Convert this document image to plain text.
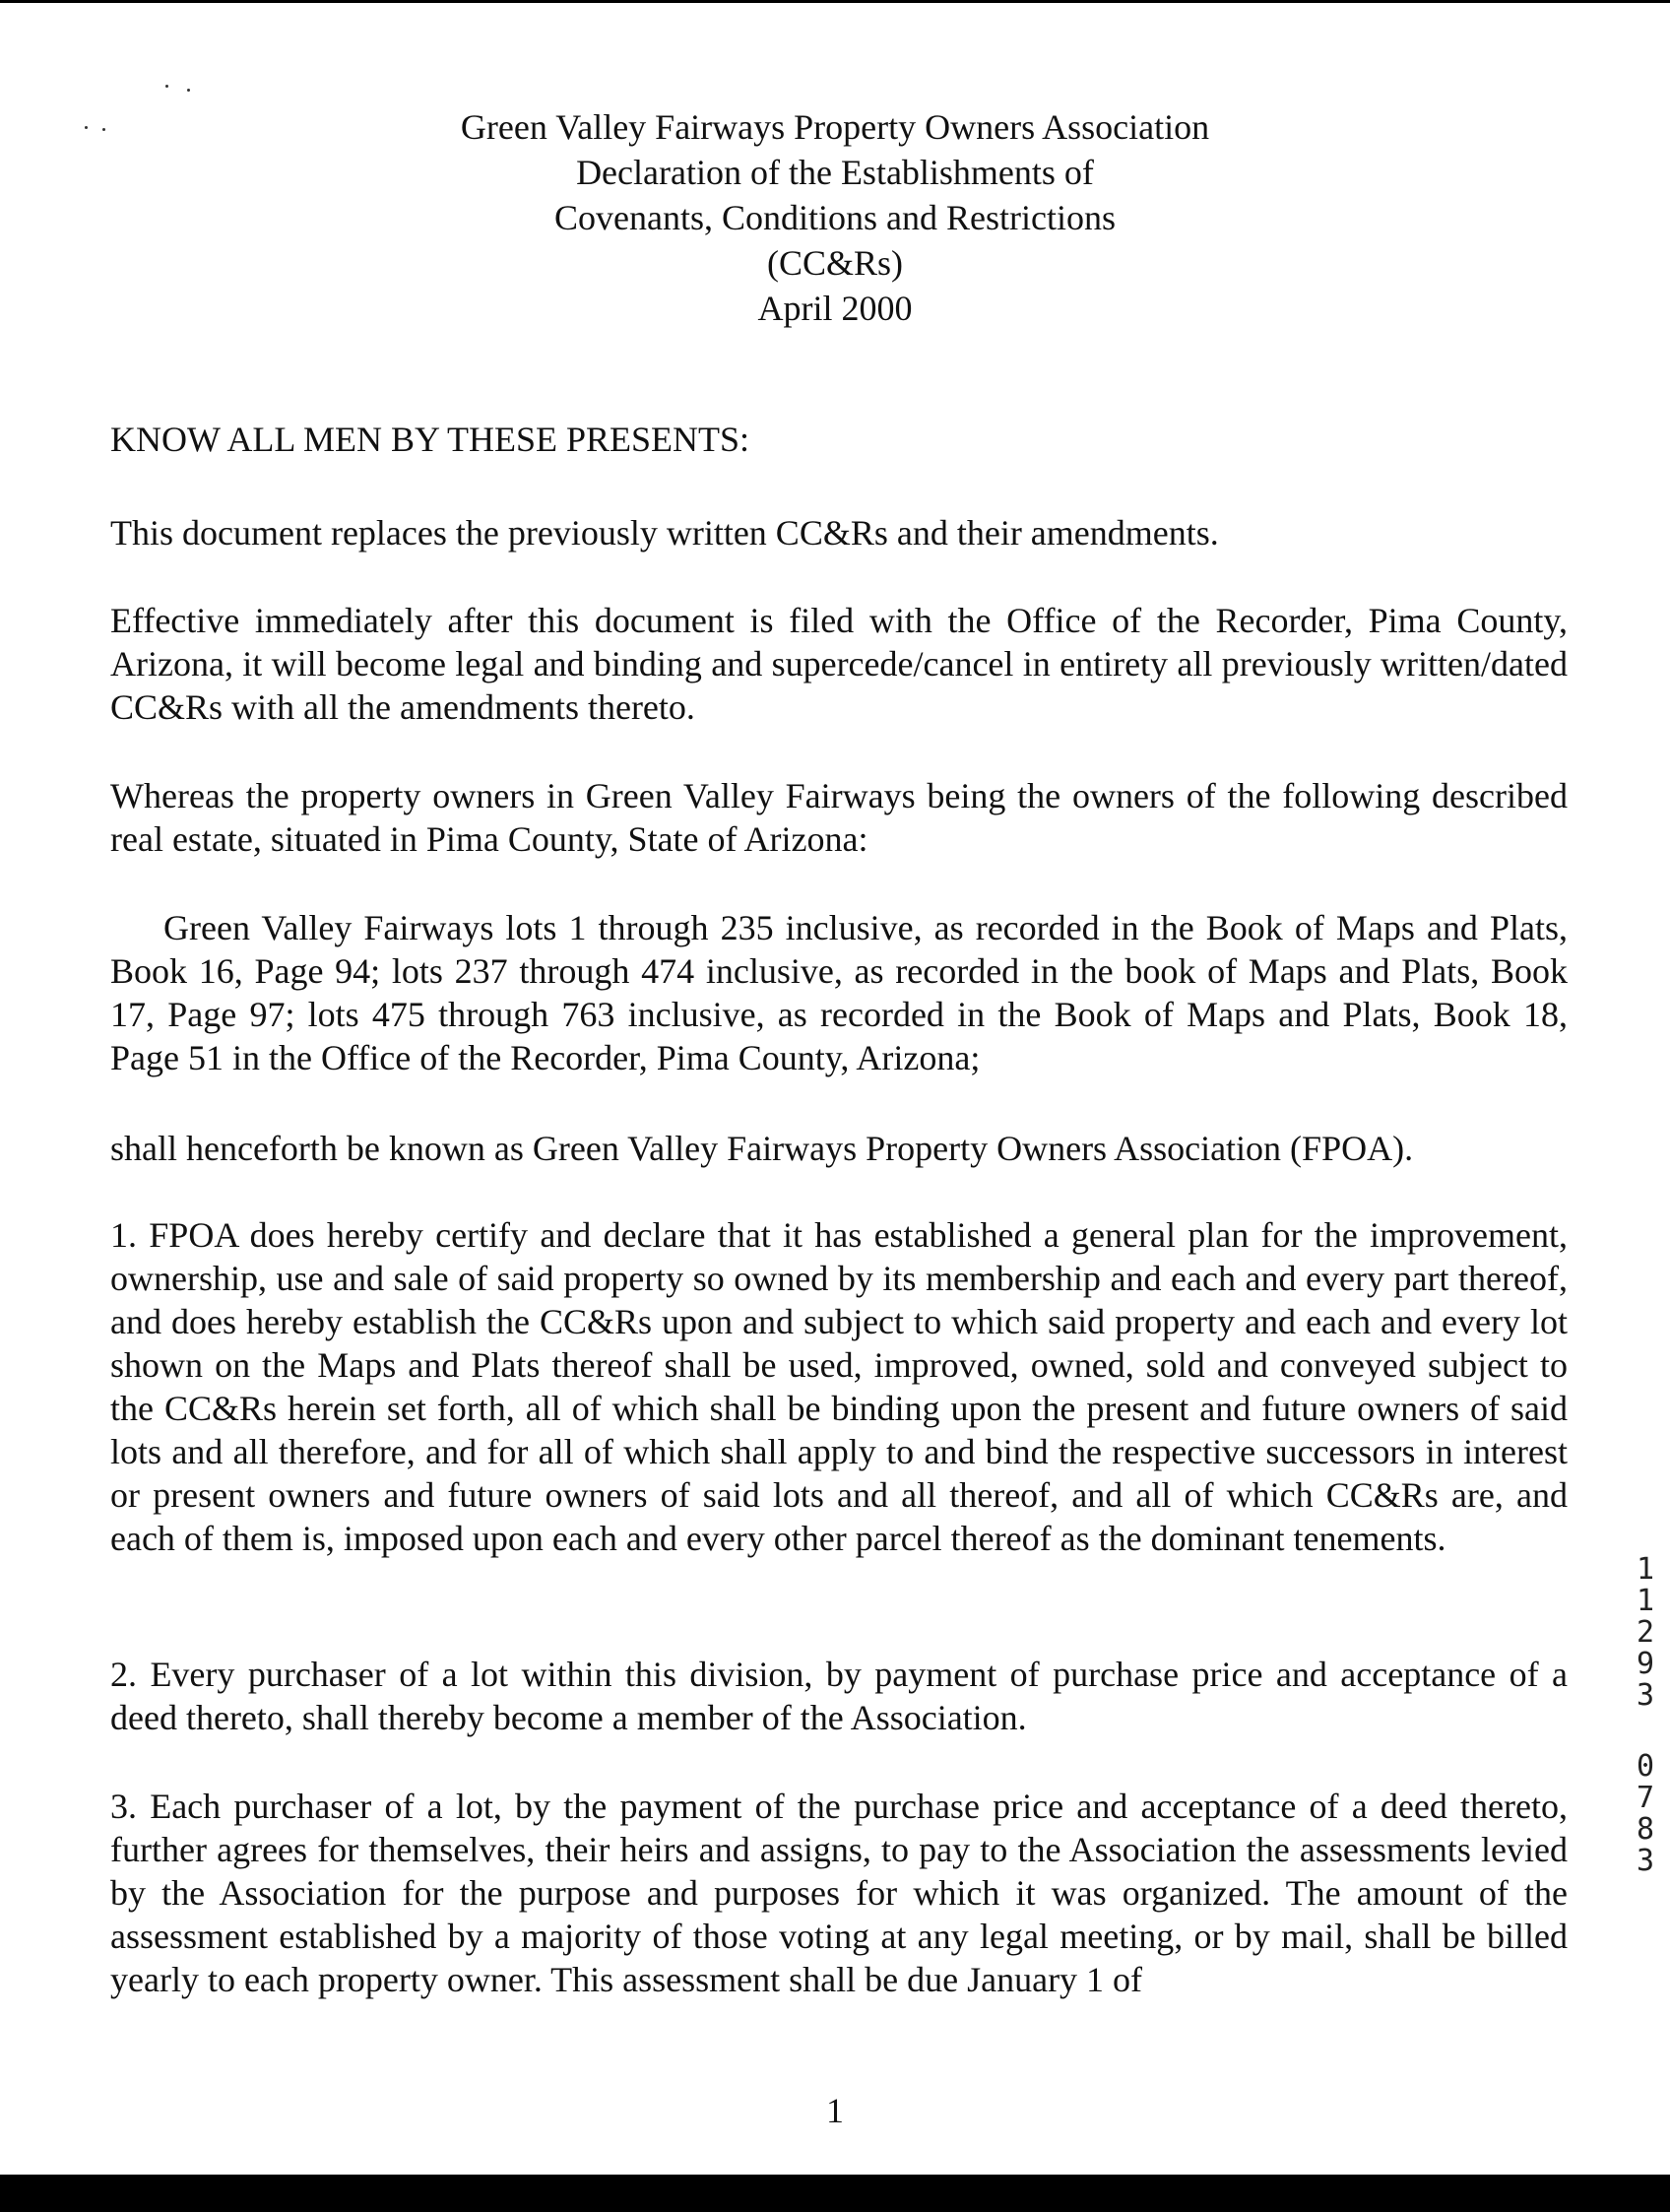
Green Valley Fairways Property Owners Association
Declaration of the Establishments of
Covenants, Conditions and Restrictions
(CC&Rs)
April 2000
KNOW ALL MEN BY THESE PRESENTS:
This document replaces the previously written CC&Rs and their amendments.
Effective immediately after this document is filed with the Office of the Recorder, Pima County, Arizona, it will become legal and binding and supercede/cancel in entirety all previously written/dated CC&Rs with all the amendments thereto.
Whereas the property owners in Green Valley Fairways being the owners of the following described real estate, situated in Pima County, State of Arizona:
Green Valley Fairways lots 1 through 235 inclusive, as recorded in the Book of Maps and Plats, Book 16, Page 94; lots 237 through 474 inclusive, as recorded in the book of Maps and Plats, Book 17, Page 97; lots 475 through 763 inclusive, as recorded in the Book of Maps and Plats, Book 18, Page 51 in the Office of the Recorder, Pima County, Arizona;
shall henceforth be known as Green Valley Fairways Property Owners Association (FPOA).
1. FPOA does hereby certify and declare that it has established a general plan for the improvement, ownership, use and sale of said property so owned by its membership and each and every part thereof, and does hereby establish the CC&Rs upon and subject to which said property and each and every lot shown on the Maps and Plats thereof shall be used, improved, owned, sold and conveyed subject to the CC&Rs herein set forth, all of which shall be binding upon the present and future owners of said lots and all therefore, and for all of which shall apply to and bind the respective successors in interest or present owners and future owners of said lots and all thereof, and all of which CC&Rs are, and each of them is, imposed upon each and every other parcel thereof as the dominant tenements.
2. Every purchaser of a lot within this division, by payment of purchase price and acceptance of a deed thereto, shall thereby become a member of the Association.
3. Each purchaser of a lot, by the payment of the purchase price and acceptance of a deed thereto, further agrees for themselves, their heirs and assigns, to pay to the Association the assessments levied by the Association for the purpose and purposes for which it was organized. The amount of the assessment established by a majority of those voting at any legal meeting, or by mail, shall be billed yearly to each property owner. This assessment shall be due January 1 of
1
1
1
2
9
3
0
7
8
3
